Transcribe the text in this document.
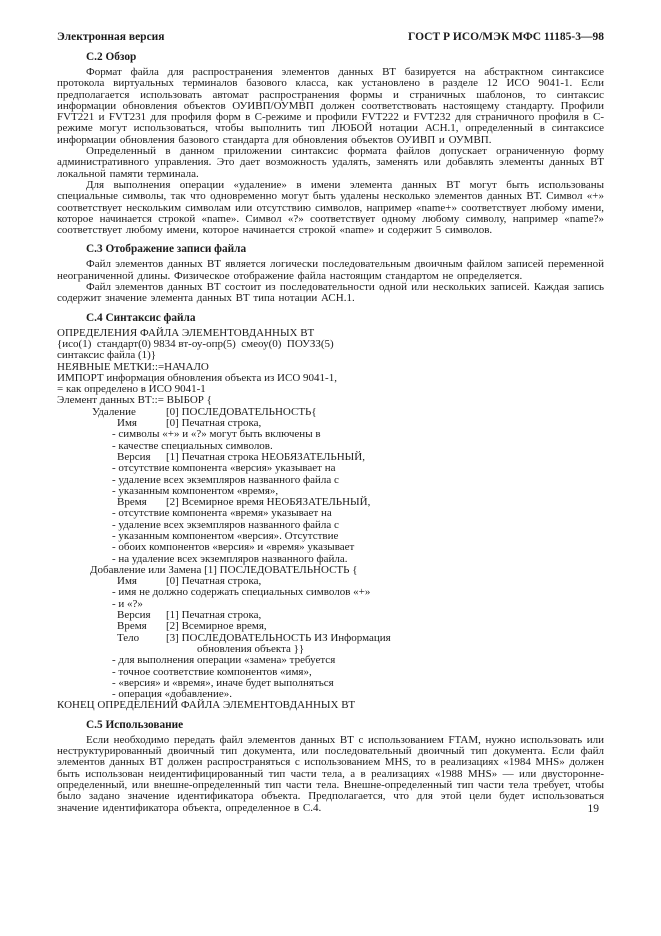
Электронная версия	ГОСТ Р ИСО/МЭК МФС 11185-3—98
С.2 Обзор

Формат файла для распространения элементов данных ВТ базируется на абстрактном синтаксисе протокола виртуальных терминалов базового класса, как установлено в разделе 12 ИСО 9041-1. Если предполагается использовать автомат распространения формы и страничных шаблонов, то синтаксис информации обновления объектов ОУИВП/ОУМВП должен соответствовать настоящему стандарту. Профили FVT221 и FVT231 для профиля форм в С-режиме и профили FVT222 и FVT232 для страничного профиля в С-режиме могут использоваться, чтобы выполнить тип ЛЮБОЙ нотации АСН.1, определенный в синтаксисе информации обновления базового стандарта для обновления объектов ОУИВП и ОУМВП.

Определенный в данном приложении синтаксис формата файлов допускает ограниченную форму административного управления. Это дает возможность удалять, заменять или добавлять элементы данных ВТ локальной памяти терминала.

Для выполнения операции «удаление» в имени элемента данных ВТ могут быть использованы специальные символы, так что одновременно могут быть удалены несколько элементов данных ВТ. Символ «+» соответствует нескольким символам или отсутствию символов, например «name+» соответствует любому имени, которое начинается строкой «name». Символ «?» соответствует одному любому символу, например «name?» соответствует любому имени, которое начинается строкой «name» и содержит 5 символов.

С.3 Отображение записи файла

Файл элементов данных ВТ является логически последовательным двоичным файлом записей переменной неограниченной длины. Физическое отображение файла настоящим стандартом не определяется.

Файл элементов данных ВТ состоит из последовательности одной или нескольких записей. Каждая запись содержит значение элемента данных ВТ типа нотации АСН.1.

С.4 Синтаксис файла
ОПРЕДЕЛЕНИЯ ФАЙЛА ЭЛЕМЕНТОВДАННЫХ ВТ
{исо(1)  стандарт(0) 9834 вт-оу-опр(5)  смеоу(0)  ПОУЗЗ(5)
синтаксис файла (1)}
НЕЯВНЫЕ МЕТКИ::=НАЧАЛО
ИМПОРТ информация обновления объекта из ИСО 9041-1,
= как определено в ИСО 9041-1
Элемент данных ВТ::= ВЫБОР {
Удаление	[0] ПОСЛЕДОВАТЕЛЬНОСТЬ{
Имя	[0] Печатная строка,
- символы «+» и «?» могут быть включены в
- качестве специальных символов.
Версия [1] Печатная строка НЕОБЯЗАТЕЛЬНЫЙ,
- отсутствие компонента «версия» указывает на
- удаление всех экземпляров названного файла с
- указанным компонентом «время»,
Время [2] Всемирное время НЕОБЯЗАТЕЛЬНЫЙ,
- отсутствие компонента «время» указывает на
- удаление всех экземпляров названного файла с
- указанным компонентом «версия». Отсутствие
- обоих компонентов «версия» и «время» указывает
- на удаление всех экземпляров названного файла.
Добавление или Замена [1] ПОСЛЕДОВАТЕЛЬНОСТЬ {
Имя	[0] Печатная строка,
- имя не должно содержать специальных символов «+»
- и «?»
Версия [1] Печатная строка,
Время [2] Всемирное время,
Тело [3] ПОСЛЕДОВАТЕЛЬНОСТЬ ИЗ Информация
обновления объекта }}
- для выполнения операции «замена» требуется
- точное соответствие компонентов «имя»,
- «версия» и «время», иначе будет выполняться
- операция «добавление».
КОНЕЦ ОПРЕДЕЛЕНИЙ ФАЙЛА ЭЛЕМЕНТОВДАННЫХ ВТ
С.5 Использование

Если необходимо передать файл элементов данных ВТ с использованием FTAM, нужно использовать или неструктурированный двоичный тип документа, или последовательный двоичный тип документа. Если файл элементов данных ВТ должен распространяться с использованием MHS, то в реализациях «1984 MHS» должен быть использован неидентифицированный тип части тела, а в реализациях «1988 MHS» — или двусторонне-определенный, или внешне-определенный тип части тела. Внешне-определенный тип части тела требует, чтобы было задано значение идентификатора объекта. Предполагается, что для этой цели будет использоваться значение идентификатора объекта, определенное в С.4.	19
